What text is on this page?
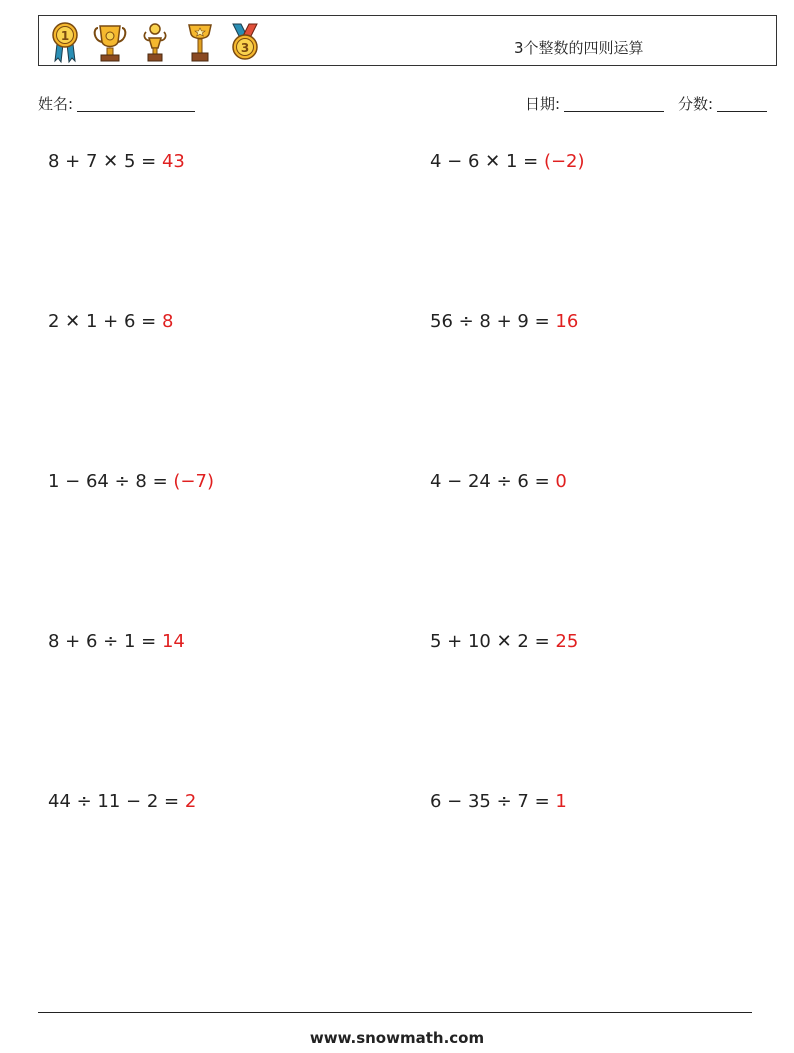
1
3	3个整数的四则运算
姓名:	日期:	分数:
8 + 7 ✕ 5 = 43	4 − 6 ✕ 1 = (−2)
2 ✕ 1 + 6 = 8	56 ÷ 8 + 9 = 16
1 − 64 ÷ 8 = (−7)	4 − 24 ÷ 6 = 0
8 + 6 ÷ 1 = 14	5 + 10 ✕ 2 = 25
44 ÷ 11 − 2 = 2	6 − 35 ÷ 7 = 1
www.snowmath.com
